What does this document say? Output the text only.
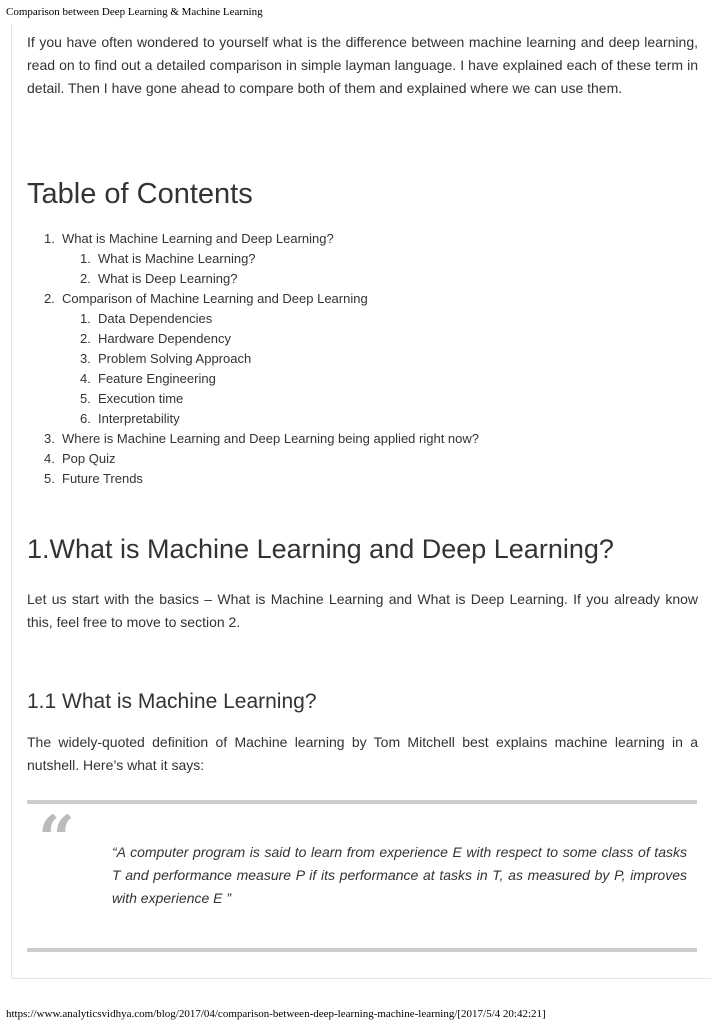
Comparison between Deep Learning & Machine Learning

If you have often wondered to yourself what is the difference between machine learning and deep learning, read on to find out a detailed comparison in simple layman language. I have explained each of these term in detail. Then I have gone ahead to compare both of them and explained where we can use them.

Table of Contents
1. What is Machine Learning and Deep Learning?
1. What is Machine Learning?
2. What is Deep Learning?
2. Comparison of Machine Learning and Deep Learning
1. Data Dependencies
2. Hardware Dependency
3. Problem Solving Approach
4. Feature Engineering
5. Execution time
6. Interpretability
3. Where is Machine Learning and Deep Learning being applied right now?
4. Pop Quiz
5. Future Trends
1.What is Machine Learning and Deep Learning?

Let us start with the basics – What is Machine Learning and What is Deep Learning. If you already know this, feel free to move to section 2.

1.1 What is Machine Learning?

The widely-quoted definition of Machine learning by Tom Mitchell best explains machine learning in a nutshell. Here’s what it says:

“	“A computer program is said to learn from experience E with respect to some class of tasks T and performance measure P if its performance at tasks in T, as measured by P, improves with experience E ”
https://www.analyticsvidhya.com/blog/2017/04/comparison-between-deep-learning-machine-learning/[2017/5/4 20:42:21]
